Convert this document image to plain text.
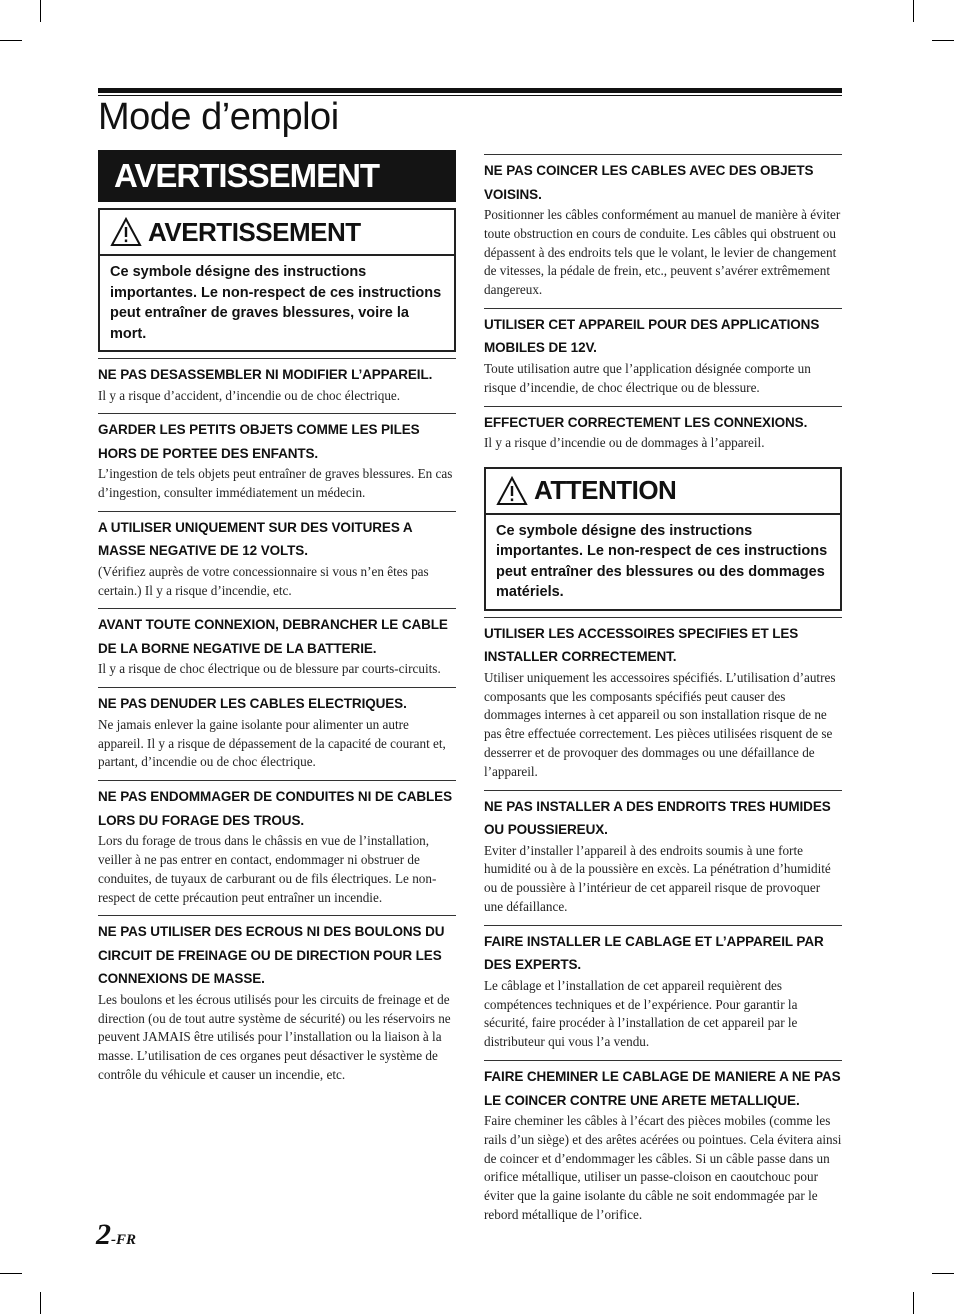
Mode d’emploi
AVERTISSEMENT
AVERTISSEMENT
Ce symbole désigne des instructions importantes. Le non-respect de ces instructions peut entraîner de graves blessures, voire la mort.
NE PAS DESASSEMBLER NI MODIFIER L’APPAREIL.

Il y a risque d’accident, d’incendie ou de choc électrique.

GARDER LES PETITS OBJETS COMME LES PILES HORS DE PORTEE DES ENFANTS.

L’ingestion de tels objets peut entraîner de graves blessures. En cas d’ingestion, consulter immédiatement un médecin.

A UTILISER UNIQUEMENT SUR DES VOITURES A MASSE NEGATIVE DE 12 VOLTS.

(Vérifiez auprès de votre concessionnaire si vous n’en êtes pas certain.) Il y a risque d’incendie, etc.

AVANT TOUTE CONNEXION, DEBRANCHER LE CABLE DE LA BORNE NEGATIVE DE LA BATTERIE.

Il y a risque de choc électrique ou de blessure par courts-circuits.

NE PAS DENUDER LES CABLES ELECTRIQUES.

Ne jamais enlever la gaine isolante pour alimenter un autre appareil. Il y a risque de dépassement de la capacité de courant et, partant, d’incendie ou de choc électrique.

NE PAS ENDOMMAGER DE CONDUITES NI DE CABLES LORS DU FORAGE DES TROUS.

Lors du forage de trous dans le châssis en vue de l’installation, veiller à ne pas entrer en contact, endommager ni obstruer de conduites, de tuyaux de carburant ou de fils électriques. Le non-respect de cette précaution peut entraîner un incendie.

NE PAS UTILISER DES ECROUS NI DES BOULONS DU CIRCUIT DE FREINAGE OU DE DIRECTION POUR LES CONNEXIONS DE MASSE.

Les boulons et les écrous utilisés pour les circuits de freinage et de direction (ou de tout autre système de sécurité) ou les réservoirs ne peuvent JAMAIS être utilisés pour l’installation ou la liaison à la masse. L’utilisation de ces organes peut désactiver le système de contrôle du véhicule et causer un incendie, etc.

NE PAS COINCER LES CABLES AVEC DES OBJETS VOISINS.

Positionner les câbles conformément au manuel de manière à éviter toute obstruction en cours de conduite. Les câbles qui obstruent ou dépassent à des endroits tels que le volant, le levier de changement de vitesses, la pédale de frein, etc., peuvent s’avérer extrêmement dangereux.

UTILISER CET APPAREIL POUR DES APPLICATIONS MOBILES DE 12V.

Toute utilisation autre que l’application désignée comporte un risque d’incendie, de choc électrique ou de blessure.

EFFECTUER CORRECTEMENT LES CONNEXIONS.

Il y a risque d’incendie ou de dommages à l’appareil.

ATTENTION
Ce symbole désigne des instructions importantes. Le non-respect de ces instructions peut entraîner des blessures ou des dommages matériels.
UTILISER LES ACCESSOIRES SPECIFIES ET LES INSTALLER CORRECTEMENT.

Utiliser uniquement les accessoires spécifiés. L’utilisation d’autres composants que les composants spécifiés peut causer des dommages internes à cet appareil ou son installation risque de ne pas être effectuée correctement. Les pièces utilisées risquent de se desserrer et de provoquer des dommages ou une défaillance de l’appareil.

NE PAS INSTALLER A DES ENDROITS TRES HUMIDES OU POUSSIEREUX.

Eviter d’installer l’appareil à des endroits soumis à une forte humidité ou à de la poussière en excès. La pénétration d’humidité ou de poussière à l’intérieur de cet appareil risque de provoquer une défaillance.

FAIRE INSTALLER LE CABLAGE ET L’APPAREIL PAR DES EXPERTS.

Le câblage et l’installation de cet appareil requièrent des compétences techniques et de l’expérience. Pour garantir la sécurité, faire procéder à l’installation de cet appareil par le distributeur qui vous l’a vendu.

FAIRE CHEMINER LE CABLAGE DE MANIERE A NE PAS LE COINCER CONTRE UNE ARETE METALLIQUE.

Faire cheminer les câbles à l’écart des pièces mobiles (comme les rails d’un siège) et des arêtes acérées ou pointues. Cela évitera ainsi de coincer et d’endommager les câbles. Si un câble passe dans un orifice métallique, utiliser un passe-cloison en caoutchouc pour éviter que la gaine isolante du câble ne soit endommagée par le rebord métallique de l’orifice.

2-FR
